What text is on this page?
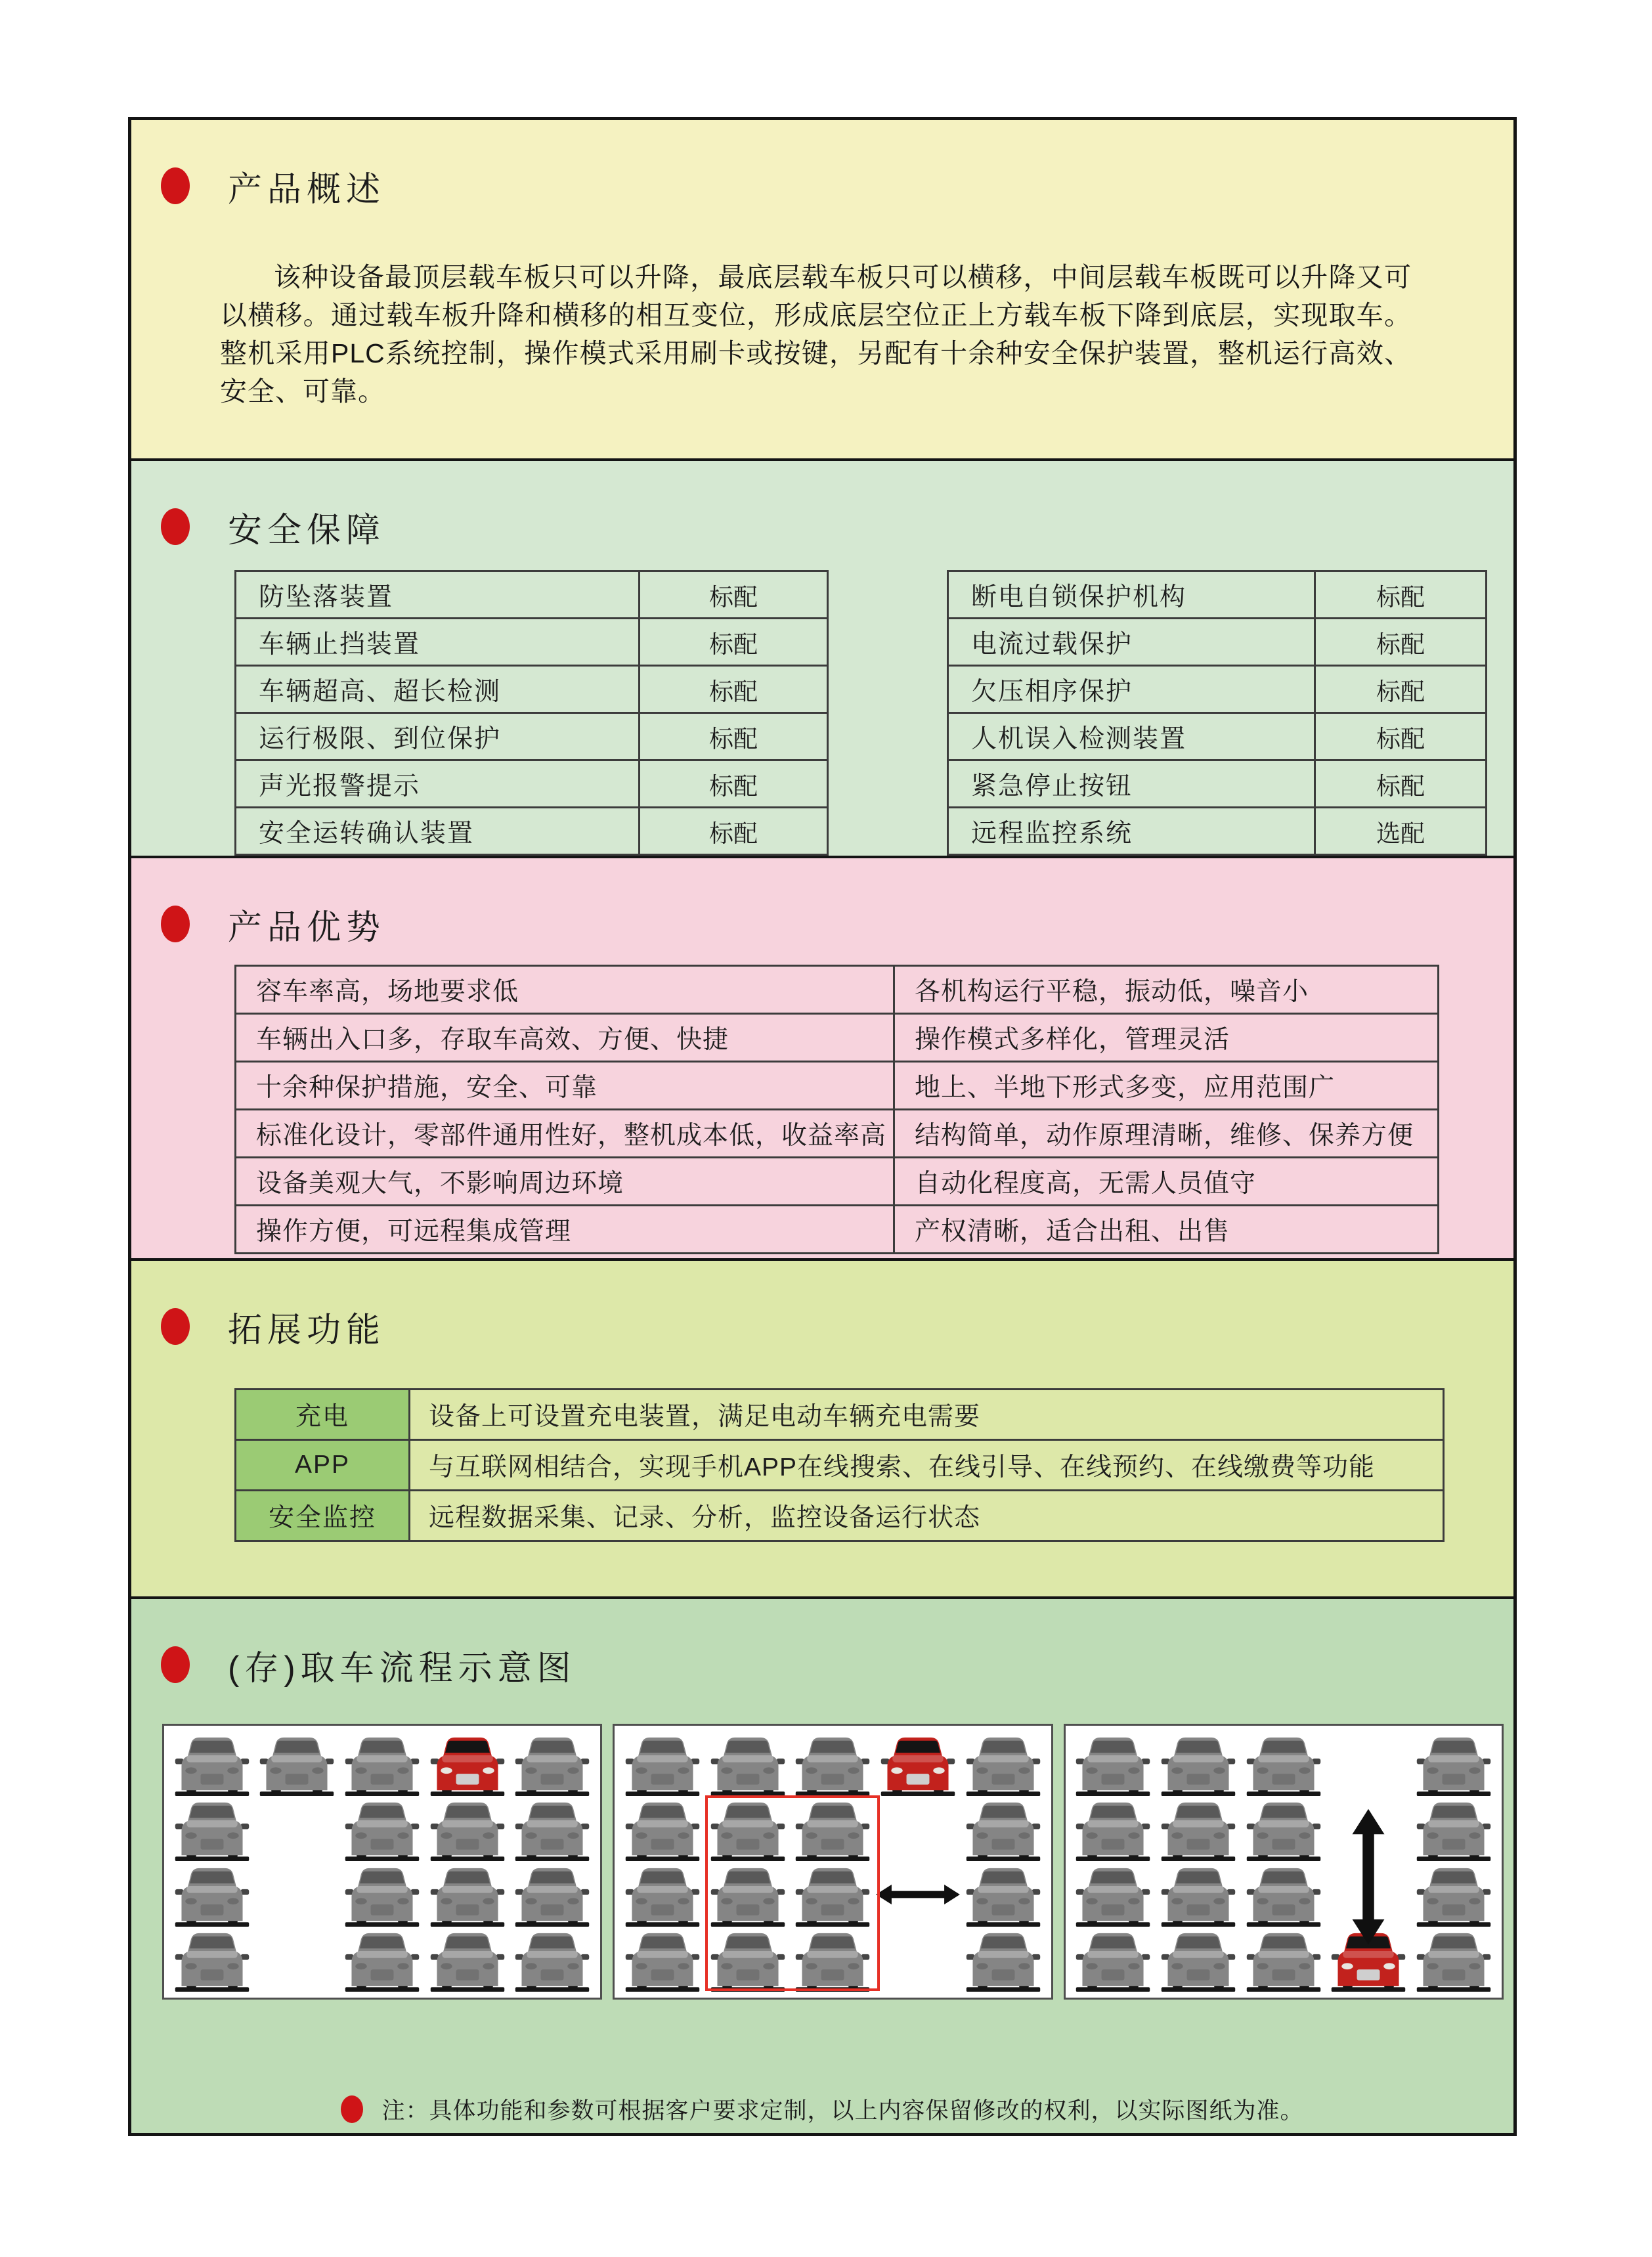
产品概述

该种设备最顶层载车板只可以升降，最底层载车板只可以横移，中间层载车板既可以升降又可以横移。通过载车板升降和横移的相互变位，形成底层空位正上方载车板下降到底层，实现取车。整机采用PLC系统控制，操作模式采用刷卡或按键，另配有十余种安全保护装置，整机运行高效、安全、可靠。

安全保障
防坠落装置	标配
车辆止挡装置	标配
车辆超高、超长检测	标配
运行极限、到位保护	标配
声光报警提示	标配
安全运转确认装置	标配
断电自锁保护机构	标配
电流过载保护	标配
欠压相序保护	标配
人机误入检测装置	标配
紧急停止按钮	标配
远程监控系统	选配
产品优势
容车率高，场地要求低	各机构运行平稳，振动低，噪音小
车辆出入口多，存取车高效、方便、快捷	操作模式多样化，管理灵活
十余种保护措施，安全、可靠	地上、半地下形式多变，应用范围广
标准化设计，零部件通用性好，整机成本低，收益率高	结构简单，动作原理清晰，维修、保养方便
设备美观大气，不影响周边环境	自动化程度高，无需人员值守
操作方便，可远程集成管理	产权清晰，适合出租、出售
拓展功能
充电	设备上可设置充电装置，满足电动车辆充电需要
APP	与互联网相结合，实现手机APP在线搜索、在线引导、在线预约、在线缴费等功能
安全监控	远程数据采集、记录、分析，监控设备运行状态
(存)取车流程示意图
注：具体功能和参数可根据客户要求定制，以上内容保留修改的权利，以实际图纸为准。
